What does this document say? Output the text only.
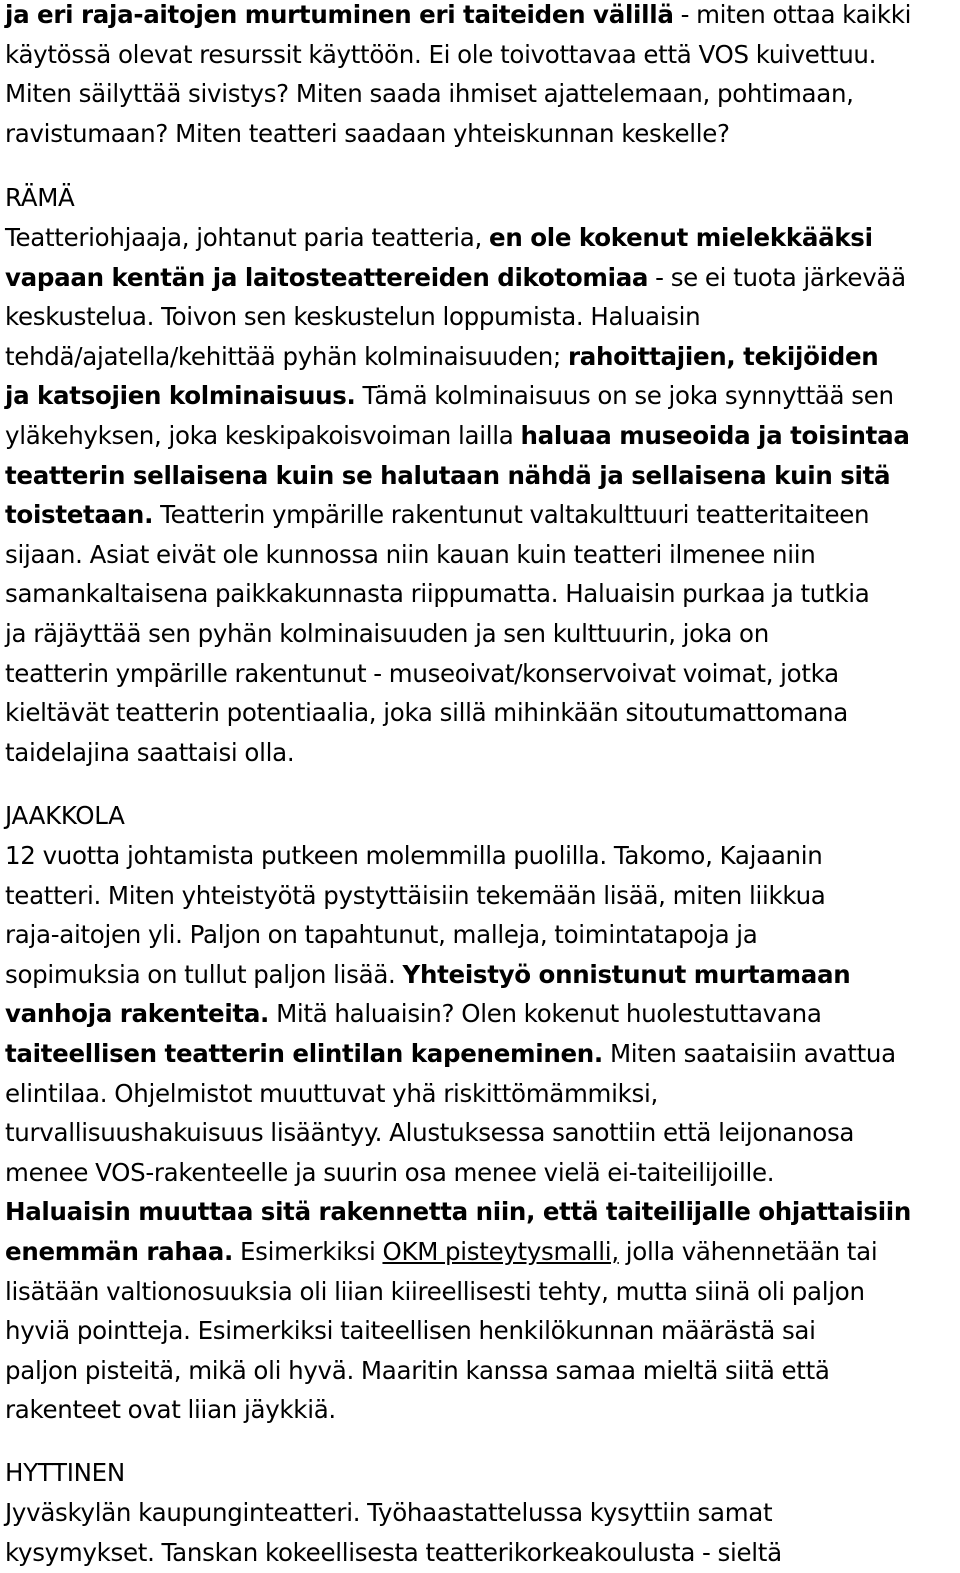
ja eri raja-aitojen murtuminen eri taiteiden välillä - miten ottaa kaikki
käytössä olevat resurssit käyttöön. Ei ole toivottavaa että VOS kuivettuu.
Miten säilyttää sivistys? Miten saada ihmiset ajattelemaan, pohtimaan,
ravistumaan? Miten teatteri saadaan yhteiskunnan keskelle?
RÄMÄ
Teatteriohjaaja, johtanut paria teatteria, en ole kokenut mielekkääksi
vapaan kentän ja laitosteattereiden dikotomiaa - se ei tuota järkevää
keskustelua. Toivon sen keskustelun loppumista. Haluaisin
tehdä/ajatella/kehittää pyhän kolminaisuuden; rahoittajien, tekijöiden
ja katsojien kolminaisuus. Tämä kolminaisuus on se joka synnyttää sen
yläkehyksen, joka keskipakoisvoiman lailla haluaa museoida ja toisintaa
teatterin sellaisena kuin se halutaan nähdä ja sellaisena kuin sitä
toistetaan. Teatterin ympärille rakentunut valtakulttuuri teatteritaiteen
sijaan. Asiat eivät ole kunnossa niin kauan kuin teatteri ilmenee niin
samankaltaisena paikkakunnasta riippumatta. Haluaisin purkaa ja tutkia
ja räjäyttää sen pyhän kolminaisuuden ja sen kulttuurin, joka on
teatterin ympärille rakentunut - museoivat/konservoivat voimat, jotka
kieltävät teatterin potentiaalia, joka sillä mihinkään sitoutumattomana
taidelajina saattaisi olla.
JAAKKOLA
12 vuotta johtamista putkeen molemmilla puolilla. Takomo, Kajaanin
teatteri. Miten yhteistyötä pystyttäisiin tekemään lisää, miten liikkua
raja-aitojen yli. Paljon on tapahtunut, malleja, toimintatapoja ja
sopimuksia on tullut paljon lisää. Yhteistyö onnistunut murtamaan
vanhoja rakenteita. Mitä haluaisin? Olen kokenut huolestuttavana
taiteellisen teatterin elintilan kapeneminen. Miten saataisiin avattua
elintilaa. Ohjelmistot muuttuvat yhä riskittömämmiksi,
turvallisuushakuisuus lisääntyy. Alustuksessa sanottiin että leijonanosa
menee VOS-rakenteelle ja suurin osa menee vielä ei-taiteilijoille.
Haluaisin muuttaa sitä rakennetta niin, että taiteilijalle ohjattaisiin
enemmän rahaa. Esimerkiksi OKM pisteytysmalli, jolla vähennetään tai
lisätään valtionosuuksia oli liian kiireellisesti tehty, mutta siinä oli paljon
hyviä pointteja. Esimerkiksi taiteellisen henkilökunnan määrästä sai
paljon pisteitä, mikä oli hyvä. Maaritin kanssa samaa mieltä siitä että
rakenteet ovat liian jäykkiä.
HYTTINEN
Jyväskylän kaupunginteatteri. Työhaastattelussa kysyttiin samat
kysymykset. Tanskan kokeellisesta teatterikorkeakoulusta - sieltä
